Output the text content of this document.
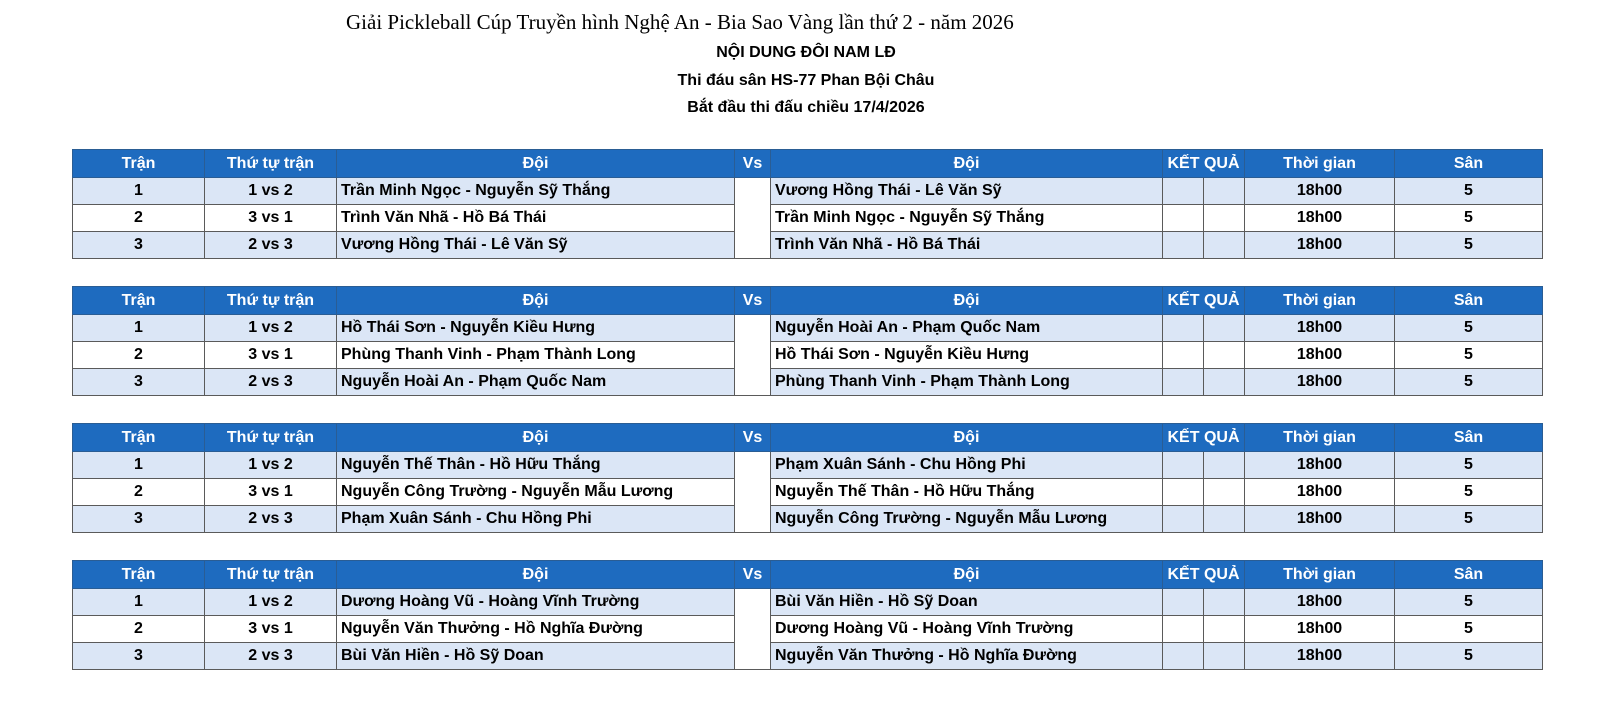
Giải Pickleball Cúp Truyền hình Nghệ An - Bia Sao Vàng lần thứ 2 - năm 2026
NỘI DUNG ĐÔI NAM LĐ
Thi đáu sân HS-77 Phan Bội Châu
Bắt đầu thi đấu chiều 17/4/2026
Trận	Thứ tự trận	Đội	Vs	Đội	KẾT QUẢ		Thời gian	Sân
1	1 vs 2	Trần Minh Ngọc - Nguyễn Sỹ Thắng		Vương Hồng Thái - Lê Văn Sỹ			18h00	5
2	3 vs 1	Trình Văn Nhã - Hồ Bá Thái		Trần Minh Ngọc - Nguyễn Sỹ Thắng			18h00	5
3	2 vs 3	Vương Hồng Thái - Lê Văn Sỹ		Trình Văn Nhã - Hồ Bá Thái			18h00	5
Trận	Thứ tự trận	Đội	Vs	Đội	KẾT QUẢ		Thời gian	Sân
1	1 vs 2	Hồ Thái Sơn - Nguyễn Kiều Hưng		Nguyễn Hoài An - Phạm Quốc Nam			18h00	5
2	3 vs 1	Phùng Thanh Vinh - Phạm Thành Long		Hồ Thái Sơn - Nguyễn Kiều Hưng			18h00	5
3	2 vs 3	Nguyễn Hoài An - Phạm Quốc Nam		Phùng Thanh Vinh - Phạm Thành Long			18h00	5
Trận	Thứ tự trận	Đội	Vs	Đội	KẾT QUẢ		Thời gian	Sân
1	1 vs 2	Nguyễn Thế Thân - Hồ Hữu Thắng		Phạm Xuân Sánh - Chu Hồng Phi			18h00	5
2	3 vs 1	Nguyễn Công Trường - Nguyễn Mẫu Lương		Nguyễn Thế Thân - Hồ Hữu Thắng			18h00	5
3	2 vs 3	Phạm Xuân Sánh - Chu Hồng Phi		Nguyễn Công Trường - Nguyễn Mẫu Lương			18h00	5
Trận	Thứ tự trận	Đội	Vs	Đội	KẾT QUẢ		Thời gian	Sân
1	1 vs 2	Dương Hoàng Vũ - Hoàng Vĩnh Trường		Bùi Văn Hiền - Hồ Sỹ Doan			18h00	5
2	3 vs 1	Nguyễn Văn Thưởng - Hồ Nghĩa Đường		Dương Hoàng Vũ - Hoàng Vĩnh Trường			18h00	5
3	2 vs 3	Bùi Văn Hiền - Hồ Sỹ Doan		Nguyễn Văn Thưởng - Hồ Nghĩa Đường			18h00	5
